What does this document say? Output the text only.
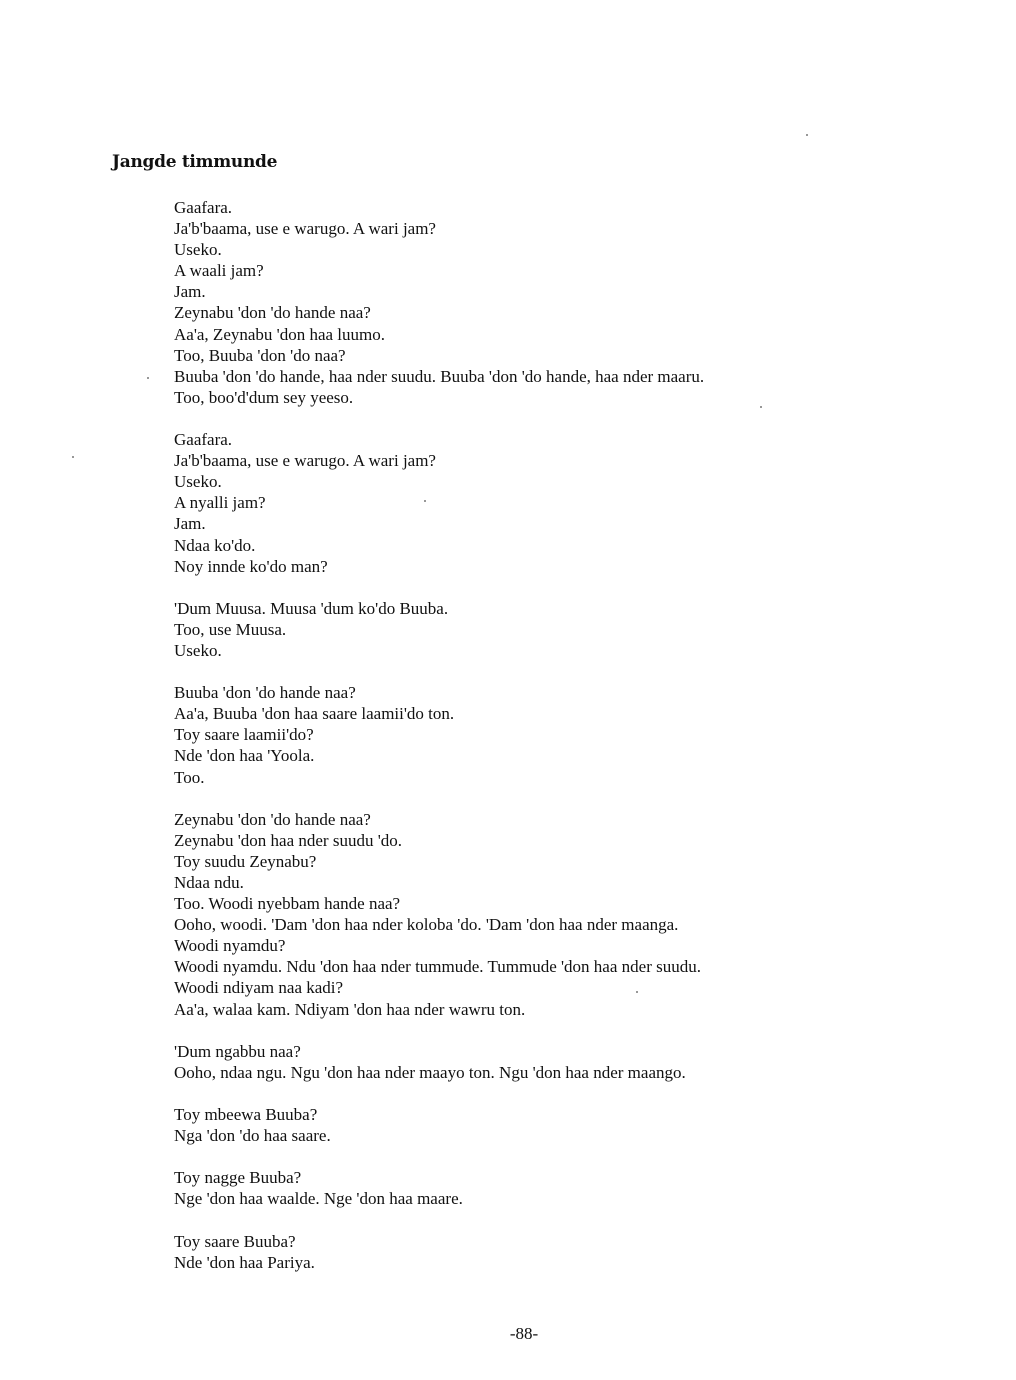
Jangde timmunde
Gaafara.
Ja'b'baama, use e warugo. A wari jam?
Useko.
A waali jam?
Jam.
Zeynabu 'don 'do hande naa?
Aa'a, Zeynabu 'don haa luumo.
Too, Buuba 'don 'do naa?
Buuba 'don 'do hande, haa nder suudu. Buuba 'don 'do hande, haa nder maaru.
Too, boo'd'dum sey yeeso.
Gaafara.
Ja'b'baama, use e warugo. A wari jam?
Useko.
A nyalli jam?
Jam.
Ndaa ko'do.
Noy innde ko'do man?
'Dum Muusa. Muusa 'dum ko'do Buuba.
Too, use Muusa.
Useko.
Buuba 'don 'do hande naa?
Aa'a, Buuba 'don haa saare laamii'do ton.
Toy saare laamii'do?
Nde 'don haa 'Yoola.
Too.
Zeynabu 'don 'do hande naa?
Zeynabu 'don haa nder suudu 'do.
Toy suudu Zeynabu?
Ndaa ndu.
Too. Woodi nyebbam hande naa?
Ooho, woodi. 'Dam 'don haa nder koloba 'do. 'Dam 'don haa nder maanga.
Woodi nyamdu?
Woodi nyamdu. Ndu 'don haa nder tummude. Tummude 'don haa nder suudu.
Woodi ndiyam naa kadi?
Aa'a, walaa kam. Ndiyam 'don haa nder wawru ton.
'Dum ngabbu naa?
Ooho, ndaa ngu. Ngu 'don haa nder maayo ton. Ngu 'don haa nder maango.
Toy mbeewa Buuba?
Nga 'don 'do haa saare.
Toy nagge Buuba?
Nge 'don haa waalde. Nge 'don haa maare.
Toy saare Buuba?
Nde 'don haa Pariya.
-88-
